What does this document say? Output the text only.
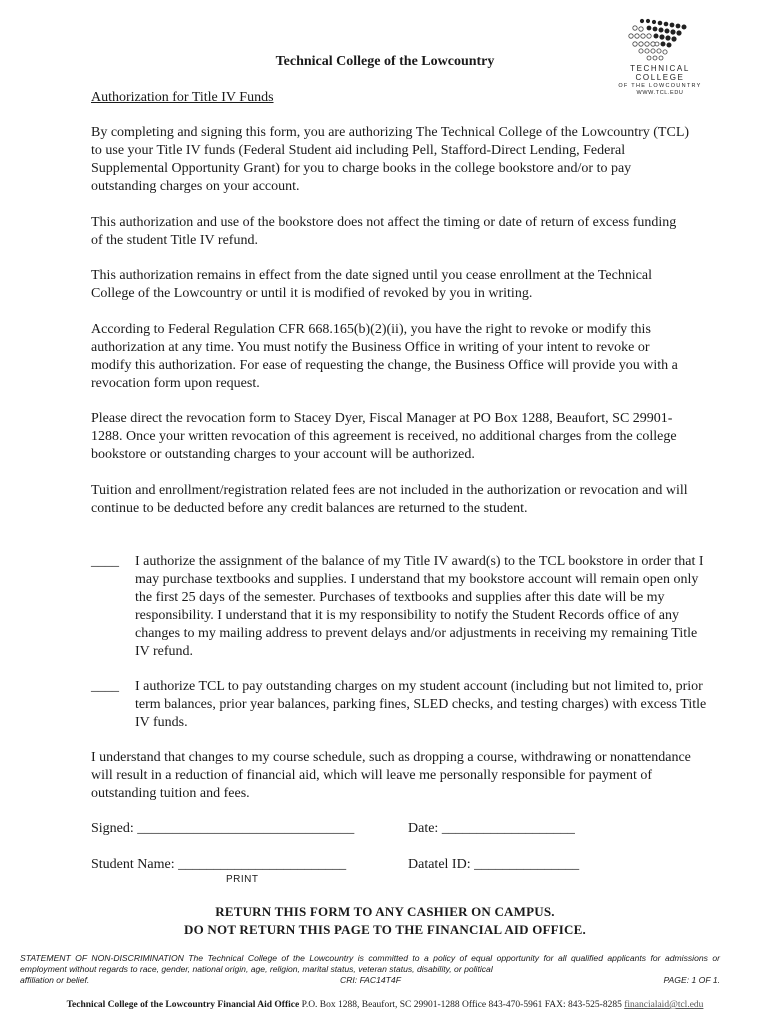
TECHNICAL COLLEGE
OF THE LOWCOUNTRY
WWW.TCL.EDU
Technical College of the Lowcountry
Authorization for Title IV Funds
By completing and signing this form, you are authorizing The Technical College of the Lowcountry (TCL) to use your Title IV funds (Federal Student aid including Pell, Stafford-Direct Lending, Federal Supplemental Opportunity Grant) for you to charge books in the college bookstore and/or to pay outstanding charges on your account.
This authorization and use of the bookstore does not affect the timing or date of return of excess funding of the student Title IV refund.
This authorization remains in effect from the date signed until you cease enrollment at the Technical College of the Lowcountry or until it is modified of revoked by you in writing.
According to Federal Regulation CFR 668.165(b)(2)(ii), you have the right to revoke or modify this authorization at any time. You must notify the Business Office in writing of your intent to revoke or modify this authorization. For ease of requesting the change, the Business Office will provide you with a revocation form upon request.
Please direct the revocation form to Stacey Dyer, Fiscal Manager at PO Box 1288, Beaufort, SC 29901-1288. Once your written revocation of this agreement is received, no additional charges from the college bookstore or outstanding charges to your account will be authorized.
Tuition and enrollment/registration related fees are not included in the authorization or revocation and will continue to be deducted before any credit balances are returned to the student.
____ I authorize the assignment of the balance of my Title IV award(s) to the TCL bookstore in order that I may purchase textbooks and supplies. I understand that my bookstore account will remain open only the first 25 days of the semester. Purchases of textbooks and supplies after this date will be my responsibility. I understand that it is my responsibility to notify the Student Records office of any changes to my mailing address to prevent delays and/or adjustments in receiving my remaining Title IV refund.
____ I authorize TCL to pay outstanding charges on my student account (including but not limited to, prior term balances, prior year balances, parking fines, SLED checks, and testing charges) with excess Title IV funds.
I understand that changes to my course schedule, such as dropping a course, withdrawing or nonattendance will result in a reduction of financial aid, which will leave me personally responsible for payment of outstanding tuition and fees.
Signed: _______________________________	Date: ___________________
Student Name: ________________________	Datatel ID: _______________
PRINT
RETURN THIS FORM TO ANY CASHIER ON CAMPUS.
DO NOT RETURN THIS PAGE TO THE FINANCIAL AID OFFICE.
STATEMENT OF NON-DISCRIMINATION The Technical College of the Lowcountry is committed to a policy of equal opportunity for all qualified applicants for admissions or employment without regards to race, gender, national origin, age, religion, marital status, veteran status, disability, or political
affiliation or belief.	CRI: FAC14T4F	PAGE: 1 OF 1.
Technical College of the Lowcountry Financial Aid Office P.O. Box 1288, Beaufort, SC 29901-1288 Office 843-470-5961 FAX: 843-525-8285 financialaid@tcl.edu
